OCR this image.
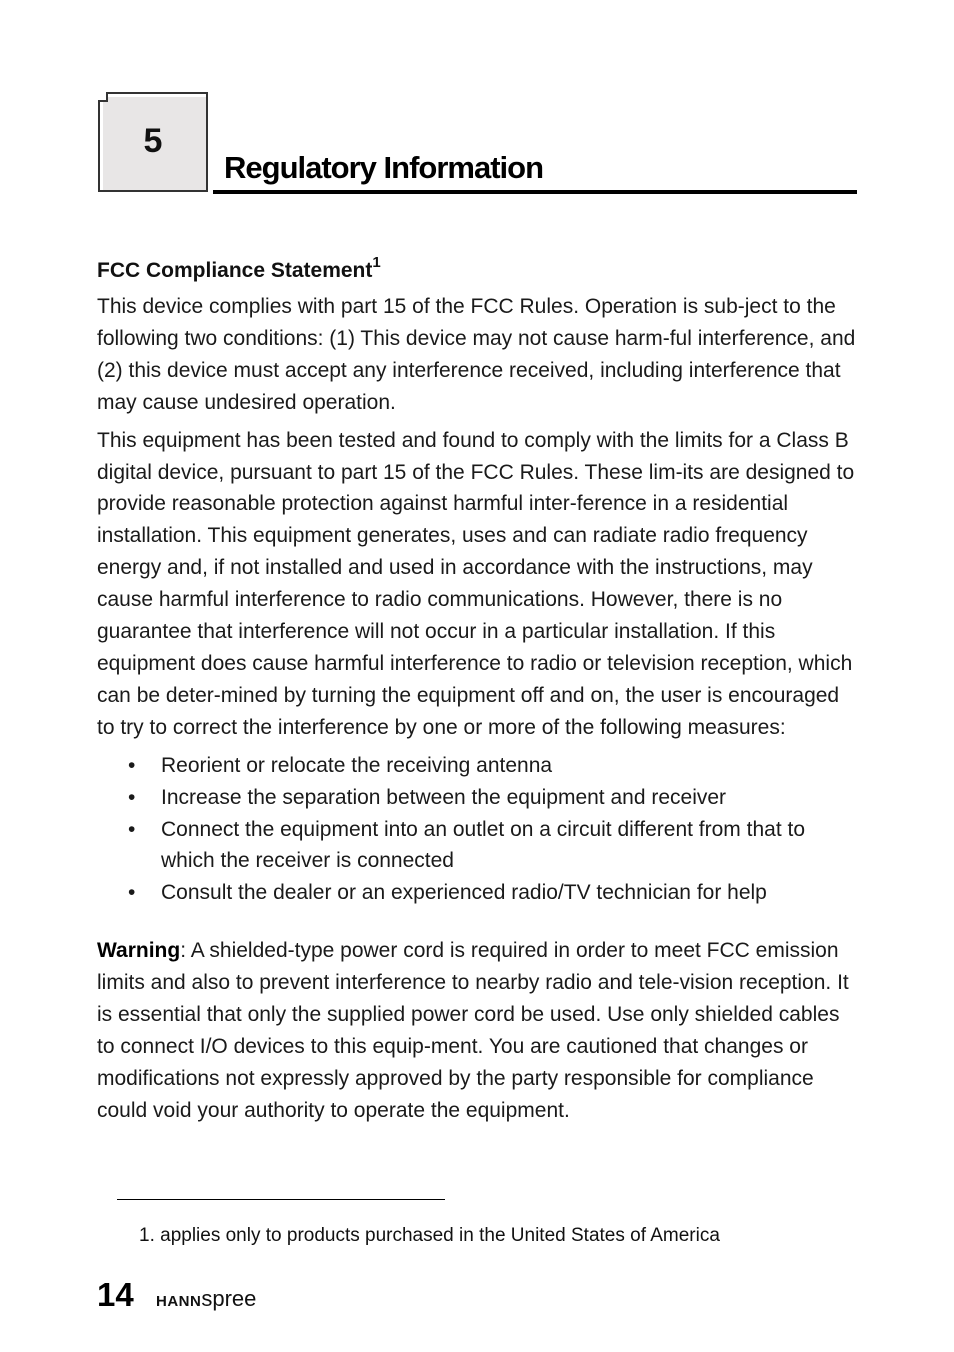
5
Regulatory Information
FCC Compliance Statement$^1$

This device complies with part 15 of the FCC Rules. Operation is sub-ject to the following two conditions: (1) This device may not cause harm-ful interference, and (2) this device must accept any interference received, including interference that may cause undesired operation.

This equipment has been tested and found to comply with the limits for a Class B digital device, pursuant to part 15 of the FCC Rules. These lim-its are designed to provide reasonable protection against harmful inter-ference in a residential installation. This equipment generates, uses and can radiate radio frequency energy and, if not installed and used in accordance with the instructions, may cause harmful interference to radio communications. However, there is no guarantee that interference will not occur in a particular installation. If this equipment does cause harmful interference to radio or television reception, which can be deter-mined by turning the equipment off and on, the user is encouraged to try to correct the interference by one or more of the following measures:

• Reorient or relocate the receiving antenna
• Increase the separation between the equipment and receiver
• Connect the equipment into an outlet on a circuit different from that to which the receiver is connected
• Consult the dealer or an experienced radio/TV technician for help

Warning: A shielded-type power cord is required in order to meet FCC emission limits and also to prevent interference to nearby radio and tele-vision reception. It is essential that only the supplied power cord be used. Use only shielded cables to connect I/O devices to this equip-ment. You are cautioned that changes or modifications not expressly approved by the party responsible for compliance could void your authority to operate the equipment.

1. applies only to products purchased in the United States of America
14 HANNspree
